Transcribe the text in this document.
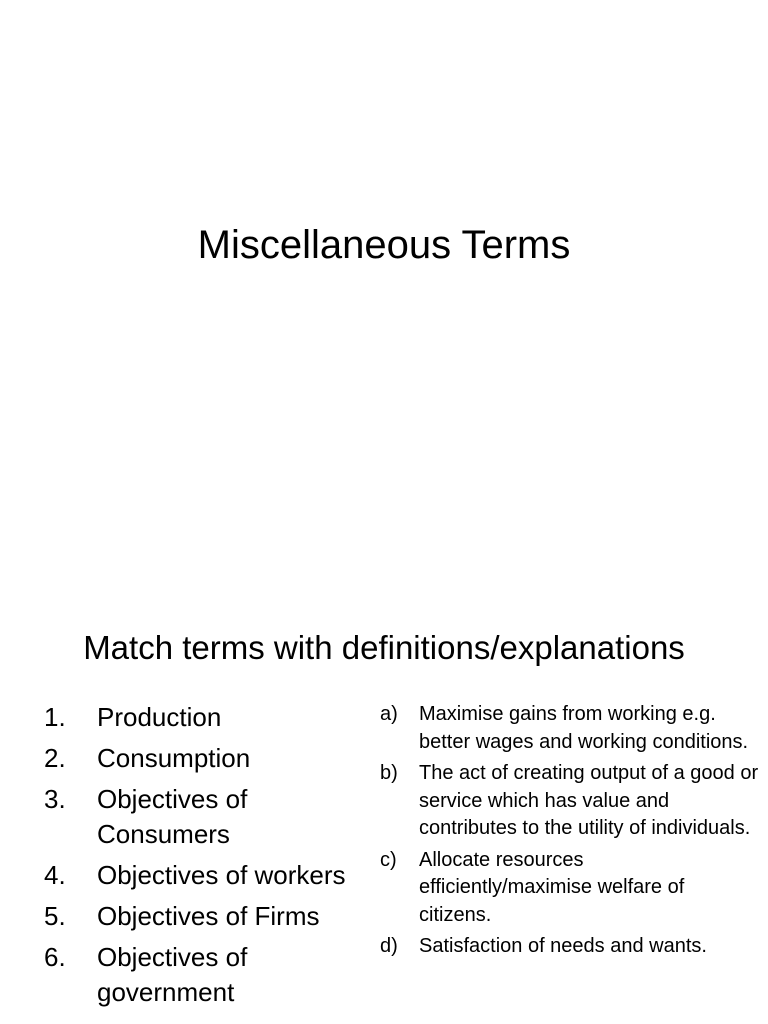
Miscellaneous Terms
Match terms with definitions/explanations
1.	Production
2.	Consumption
3.	Objectives of Consumers
4.	Objectives of workers
5.	Objectives of Firms
6.	Objectives of government
a)	Maximise gains from working e.g. better wages and working conditions.
b)	The act of creating output of a good or service which has value and contributes to the utility of individuals.
c)	Allocate resources efficiently/maximise welfare of citizens.
d)	Satisfaction of needs and wants.
